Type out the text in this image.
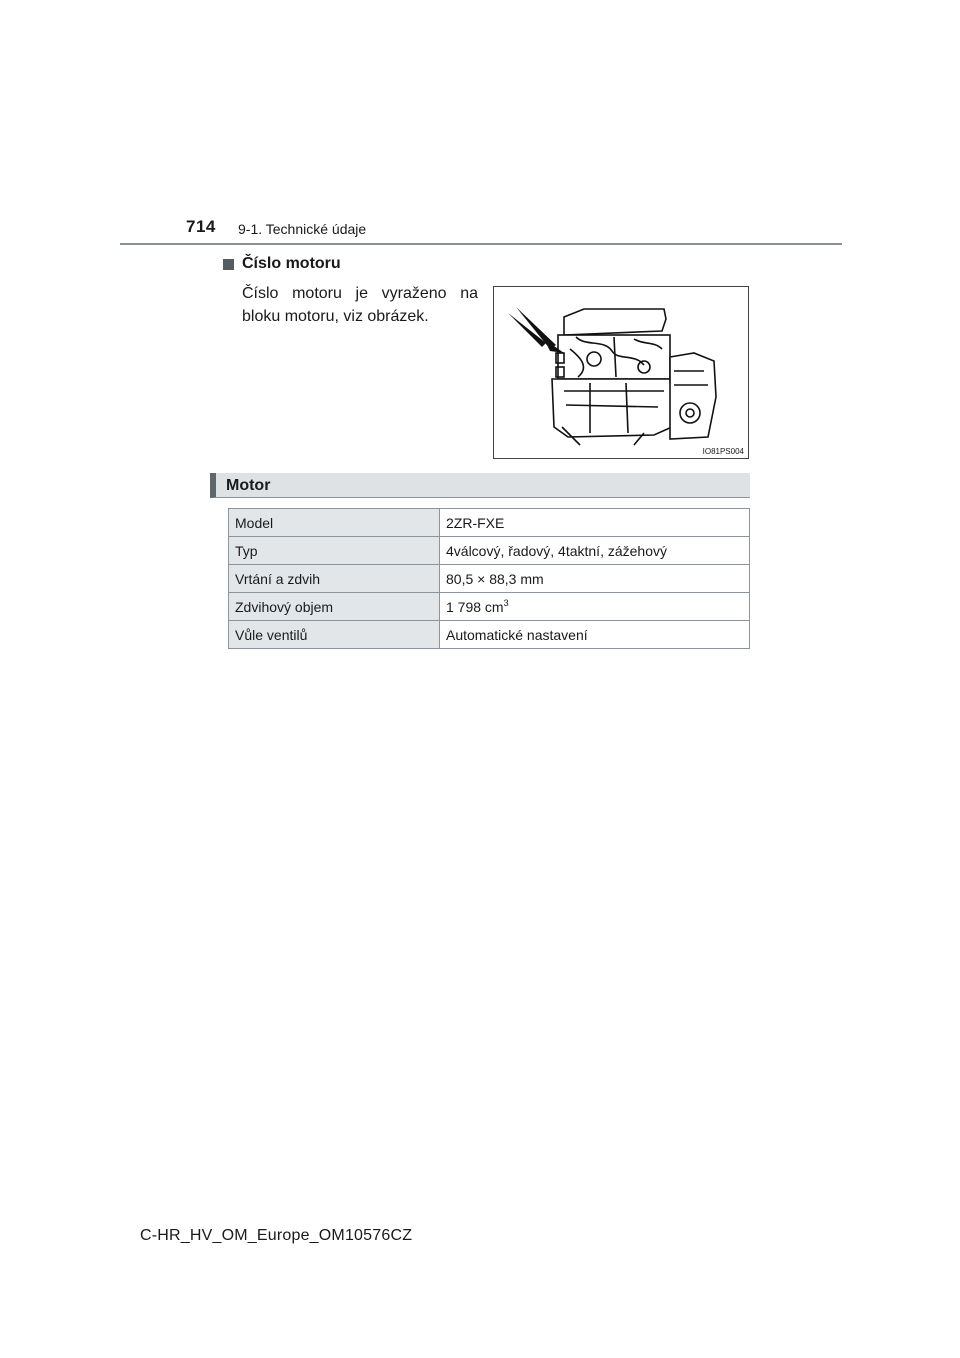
714 9-1. Technické údaje
Číslo motoru
Číslo motoru je vyraženo na bloku motoru, viz obrázek.
IO81PS004
Motor
Model	2ZR-FXE
Typ	4válcový, řadový, 4taktní, zážehový
Vrtání a zdvih	80,5 × 88,3 mm
Zdvihový objem	1 798 $cm^3$
Vůle ventilů	Automatické nastavení
C-HR_HV_OM_Europe_OM10576CZ
